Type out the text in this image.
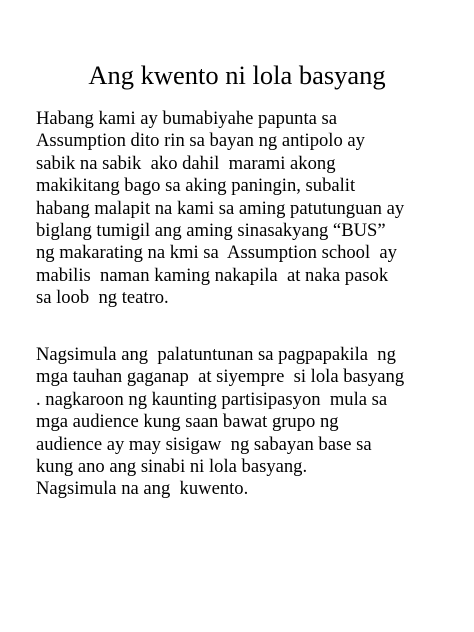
Ang kwento ni lola basyang
Habang kami ay bumabiyahe papunta sa
Assumption dito rin sa bayan ng antipolo ay
sabik na sabik  ako dahil  marami akong
makikitang bago sa aking paningin, subalit
habang malapit na kami sa aming patutunguan ay
biglang tumigil ang aming sinasakyang “BUS”
ng makarating na kmi sa  Assumption school  ay
mabilis  naman kaming nakapila  at naka pasok
sa loob  ng teatro.
Nagsimula ang  palatuntunan sa pagpapakila  ng
mga tauhan gaganap  at siyempre  si lola basyang
. nagkaroon ng kaunting partisipasyon  mula sa
mga audience kung saan bawat grupo ng
audience ay may sisigaw  ng sabayan base sa
kung ano ang sinabi ni lola basyang.
Nagsimula na ang  kuwento.
